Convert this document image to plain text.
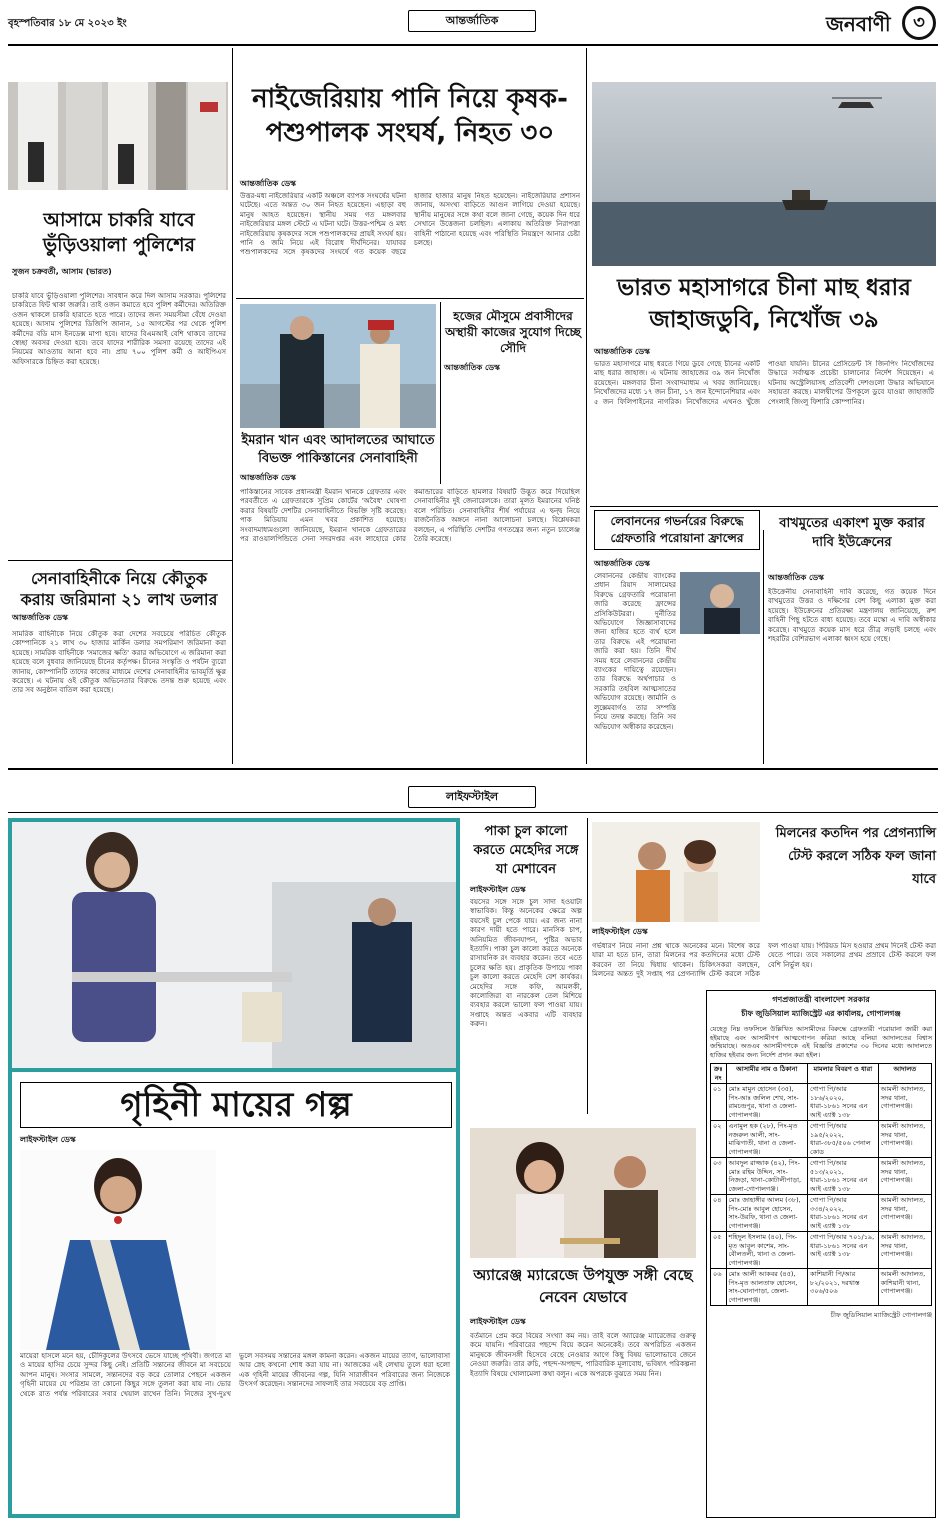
বৃহস্পতিবার ১৮ মে ২০২৩ ইং	আন্তর্জাতিক	জনবাণী	৩
আসামে চাকরি যাবে ভুঁড়িওয়ালা পুলিশের
সুজন চক্রবর্তী, আসাম (ভারত)
চাকরি যাবে ভুঁড়িওয়ালা পুলিশের। সাবধান করে দিল আসাম সরকার। পুলিশের চাকরিতে ফিট থাকা জরুরি। তাই ওজন কমাতে হবে পুলিশ কর্মীদের। অতিরিক্ত ওজন থাকলে চাকরি হারাতে হতে পারে। তাদের জন্য সময়সীমা বেঁধে দেওয়া হয়েছে। আসাম পুলিশের ডিজিপি জানান, ১৫ আগস্টের পর থেকে পুলিশ কর্মীদের বডি মাস ইনডেক্স মাপা হবে। যাদের বিএমআই বেশি থাকবে তাদের স্বেচ্ছা অবসর দেওয়া হবে। তবে যাদের শারীরিক সমস্যা রয়েছে তাদের এই নিয়মের আওতায় আনা হবে না। প্রায় ৭০০ পুলিশ কর্মী ও আইপিএস অফিসারকে চিহ্নিত করা হয়েছে।
সেনাবাহিনীকে নিয়ে কৌতুক করায় জরিমানা ২১ লাখ ডলার
আন্তর্জাতিক ডেস্ক
সামরিক বাহিনীকে নিয়ে কৌতুক করা দেশের সবচেয়ে পরিচিত কৌতুক কোম্পানিকে ২১ লাখ ৩০ হাজার মার্কিন ডলার সমপরিমাণ জরিমানা করা হয়েছে। সামরিক বাহিনীকে 'সমাজের ক্ষতি' করার অভিযোগে এ জরিমানা করা হয়েছে বলে বুধবার জানিয়েছে চীনের কর্তৃপক্ষ। চীনের সংস্কৃতি ও পর্যটন ব্যুরো জানায়, কোম্পানিটি তাদের কাজের মাধ্যমে দেশের সেনাবাহিনীর ভাবমূর্তি ক্ষুণ্ণ করেছে। এ ঘটনায় ওই কৌতুক অভিনেতার বিরুদ্ধে তদন্ত শুরু হয়েছে এবং তার সব অনুষ্ঠান বাতিল করা হয়েছে।
নাইজেরিয়ায় পানি নিয়ে কৃষক-পশুপালক সংঘর্ষ, নিহত ৩০
আন্তর্জাতিক ডেস্ক
উত্তর-মধ্য নাইজেরিয়ার একটি অঞ্চলে ব্যাপক সংঘর্ষের ঘটনা ঘটেছে। এতে অন্তত ৩০ জন নিহত হয়েছেন। এছাড়া বহু মানুষ আহত হয়েছেন। স্থানীয় সময় গত মঙ্গলবার নাইজেরিয়ার মঙ্গল স্টেটে এ ঘটনা ঘটে। উত্তর-পশ্চিম ও মধ্য নাইজেরিয়ায় কৃষকদের সঙ্গে পশুপালকদের প্রায়ই সংঘর্ষ হয়। পানি ও জমি নিয়ে এই বিরোধ দীর্ঘদিনের। যাযাবর পশুপালকদের সঙ্গে কৃষকদের সংঘর্ষে গত কয়েক বছরে হাজার হাজার মানুষ নিহত হয়েছেন। নাইজেরিয়ার প্রশাসন জানায়, অসংখ্য বাড়িতে আগুন লাগিয়ে দেওয়া হয়েছে। স্থানীয় মানুষের সঙ্গে কথা বলে জানা গেছে, কয়েক দিন ধরে সেখানে উত্তেজনা চলছিল। এলাকায় অতিরিক্ত নিরাপত্তা বাহিনী পাঠানো হয়েছে এবং পরিস্থিতি নিয়ন্ত্রণে আনার চেষ্টা চলছে।
ইমরান খান এবং আদালতের আঘাতে বিভক্ত পাকিস্তানের সেনাবাহিনী
আন্তর্জাতিক ডেস্ক
পাকিস্তানের সাবেক প্রধানমন্ত্রী ইমরান খানকে গ্রেফতার এবং পরবর্তীতে এ গ্রেফতারকে সুপ্রিম কোর্টের 'অবৈধ' ঘোষণা করার বিষয়টি দেশটির সেনাবাহিনীতে বিভক্তি সৃষ্টি করেছে। পাক মিডিয়ায় এমন খবর প্রকাশিত হয়েছে। সংবাদমাধ্যমগুলো জানিয়েছে, ইমরান খানকে গ্রেফতারের পর রাওয়ালপিন্ডিতে সেনা সদরদপ্তর এবং লাহোরে কোর কমান্ডারের বাড়িতে হামলার বিষয়টি উদ্ভূত করে দিয়েছিল সেনাবাহিনীর দুই জেনারেলকে। তারা মূলত ইমরানের ঘনিষ্ঠ বলে পরিচিত। সেনাবাহিনীর শীর্ষ পর্যায়ের এ দ্বন্দ্ব নিয়ে রাজনৈতিক অঙ্গনে নানা আলোচনা চলছে। বিশ্লেষকরা বলছেন, এ পরিস্থিতি দেশটির গণতন্ত্রের জন্য নতুন চ্যালেঞ্জ তৈরি করেছে।
হজের মৌসুমে প্রবাসীদের অস্থায়ী কাজের সুযোগ দিচ্ছে সৌদি
আন্তর্জাতিক ডেস্ক
ভারত মহাসাগরে চীনা মাছ ধরার জাহাজডুবি, নিখোঁজ ৩৯
আন্তর্জাতিক ডেস্ক
ভারত মহাসাগরে মাছ ধরতে গিয়ে ডুবে গেছে চীনের একটি মাছ ধরার জাহাজ। এ ঘটনায় জাহাজের ৩৯ জন নিখোঁজ রয়েছেন। মঙ্গলবার চীনা সংবাদমাধ্যম এ খবর জানিয়েছে। নিখোঁজদের মধ্যে ১৭ জন চীনা, ১৭ জন ইন্দোনেশিয়ার এবং ৫ জন ফিলিপাইনের নাগরিক। নিখোঁজদের এখনও খুঁজে পাওয়া যায়নি। চীনের প্রেসিডেন্ট সি জিনপিং নিখোঁজদের উদ্ধারে সর্বাত্মক প্রচেষ্টা চালানোর নির্দেশ দিয়েছেন। এ ঘটনায় অস্ট্রেলিয়াসহ প্রতিবেশী দেশগুলো উদ্ধার অভিযানে সহায়তা করছে। মালদ্বীপের উপকূলে ডুবে যাওয়া জাহাজটি পেংলাই জিংলু ফিশারি কোম্পানির।
লেবাননের গভর্নরের বিরুদ্ধে গ্রেফতারি পরোয়ানা ফ্রান্সের
আন্তর্জাতিক ডেস্ক
লেবাননের কেন্দ্রীয় ব্যাংকের প্রধান রিয়াদ সালামেহর বিরুদ্ধে গ্রেফতারি পরোয়ানা জারি করেছে ফ্রান্সের প্রসিকিউটররা। দুর্নীতির অভিযোগে জিজ্ঞাসাবাদের জন্য হাজির হতে ব্যর্থ হলে তার বিরুদ্ধে এই পরোয়ানা জারি করা হয়। তিনি দীর্ঘ সময় ধরে লেবাননের কেন্দ্রীয় ব্যাংকের দায়িত্বে রয়েছেন। তার বিরুদ্ধে অর্থপাচার ও সরকারি তহবিল আত্মসাতের অভিযোগ রয়েছে। জার্মানি ও লুক্সেমবার্গও তার সম্পত্তি নিয়ে তদন্ত করছে। তিনি সব অভিযোগ অস্বীকার করেছেন।
বাখমুতের একাংশ মুক্ত করার দাবি ইউক্রেনের
আন্তর্জাতিক ডেস্ক
ইউক্রেনীয় সেনাবাহিনী দাবি করেছে, গত কয়েক দিনে বাখমুতের উত্তর ও দক্ষিণের বেশ কিছু এলাকা মুক্ত করা হয়েছে। ইউক্রেনের প্রতিরক্ষা মন্ত্রণালয় জানিয়েছে, রুশ বাহিনী পিছু হটতে বাধ্য হয়েছে। তবে মস্কো এ দাবি অস্বীকার করেছে। বাখমুতে কয়েক মাস ধরে তীব্র লড়াই চলছে এবং শহরটির বেশিরভাগ এলাকা ধ্বংস হয়ে গেছে।
লাইফস্টাইল
গৃহিনী মায়ের গল্প
লাইফস্টাইল ডেস্ক
মায়েরা হাসলে মনে হয়, চৌদিকুলের উৎসবে ভেসে যাচ্ছে পৃথিবী। জগতে মা ও মায়ের হাসির চেয়ে সুন্দর কিছু নেই। প্রতিটি সন্তানের জীবনে মা সবচেয়ে আপন মানুষ। সংসার সামলে, সন্তানদের বড় করে তোলার পেছনে একজন গৃহিনী মায়ের যে পরিশ্রম তা কোনো কিছুর সঙ্গে তুলনা করা যায় না। ভোর থেকে রাত পর্যন্ত পরিবারের সবার খেয়াল রাখেন তিনি। নিজের সুখ-দুঃখ ভুলে সবসময় সন্তানের মঙ্গল কামনা করেন। একজন মায়ের ত্যাগ, ভালোবাসা আর স্নেহ কখনো শোধ করা যায় না। আজকের এই লেখায় তুলে ধরা হলো এক গৃহিনী মায়ের জীবনের গল্প, যিনি সারাজীবন পরিবারের জন্য নিজেকে উৎসর্গ করেছেন। সন্তানদের সাফল্যই তার সবচেয়ে বড় প্রাপ্তি।
পাকা চুল কালো করতে মেহেদির সঙ্গে যা মেশাবেন
লাইফস্টাইল ডেস্ক
বয়সের সঙ্গে সঙ্গে চুল সাদা হওয়াটা স্বাভাবিক। কিন্তু অনেকের ক্ষেত্রে অল্প বয়সেই চুল পেকে যায়। এর জন্য নানা কারণ দায়ী হতে পারে। মানসিক চাপ, অনিয়মিত জীবনযাপন, পুষ্টির অভাব ইত্যাদি। পাকা চুল কালো করতে অনেকে রাসায়নিক রং ব্যবহার করেন। তবে এতে চুলের ক্ষতি হয়। প্রাকৃতিক উপায়ে পাকা চুল কালো করতে মেহেদি বেশ কার্যকর। মেহেদির সঙ্গে কফি, আমলকী, কালোজিরা বা নারকেল তেল মিশিয়ে ব্যবহার করলে ভালো ফল পাওয়া যায়। সপ্তাহে অন্তত একবার এটি ব্যবহার করুন।
মিলনের কতদিন পর প্রেগন্যান্সি টেস্ট করলে সঠিক ফল জানা যাবে
লাইফস্টাইল ডেস্ক
গর্ভধারণ নিয়ে নানা প্রশ্ন থাকে অনেকের মনে। বিশেষ করে যারা মা হতে চান, তারা মিলনের পর কতদিনের মধ্যে টেস্ট করবেন তা নিয়ে দ্বিধায় থাকেন। চিকিৎসকরা বলছেন, মিলনের অন্তত দুই সপ্তাহ পর প্রেগন্যান্সি টেস্ট করলে সঠিক ফল পাওয়া যায়। পিরিয়ড মিস হওয়ার প্রথম দিনেই টেস্ট করা যেতে পারে। তবে সকালের প্রথম প্রস্রাবে টেস্ট করলে ফল বেশি নির্ভুল হয়।
গণপ্রজাতন্ত্রী বাংলাদেশ সরকার
চীফ জুডিসিয়াল ম্যাজিস্ট্রেট এর কার্যালয়, গোপালগঞ্জ
যেহেতু নিম্ন তফসিলে উল্লিখিত আসামীদের বিরুদ্ধে গ্রেফতারী পরোয়ানা জারী করা হইয়াছে এবং আসামীগণ আত্মগোপন করিয়া আছে বলিয়া আদালতের বিশ্বাস জন্মিয়াছে। অতএব আসামীগণকে এই বিজ্ঞপ্তি প্রকাশের ৩০ দিনের মধ্যে আদালতে হাজির হইবার জন্য নির্দেশ প্রদান করা হইল।
ক্রঃ নং	আসামীর নাম ও ঠিকানা	মামলার বিবরণ ও ধারা	আদালত
০১	মোঃ মামুন হোসেন (৩৫), পিং-আঃ জলিল শেখ, সাং-রামচন্দ্রপুর, থানা ও জেলা-গোপালগঞ্জ।	গোপা পি/আর ১৮৬/২০২০, ধারা-১৮৬১ সনের এন আই এ্যাক্ট ১৩৮	আমলী আদালত, সদর থানা, গোপালগঞ্জ।
০২	এনামুল হক (২৮), পিং-মৃত নজরুল আলী, সাং-মাঝিগাতী, থানা ও জেলা-গোপালগঞ্জ।	গোপা পি/আর ১৯৫/২০২২, ধারা-৩৮৫/৫০৬ পেনাল কোড	আমলী আদালত, সদর থানা, গোপালগঞ্জ।
০৩	আবদুল রাজ্জাক (৪২), পিং-মোঃ রহিম উদ্দিন, সাং-নিজড়া, থানা-কোটালীপাড়া, জেলা-গোপালগঞ্জ।	গোপা পি/আর ৫১৩/২০২১, ধারা-১৮৬১ সনের এন আই এ্যাক্ট ১৩৮	আমলী আদালত, সদর থানা, গোপালগঞ্জ।
০৪	মোঃ জাহাঙ্গীর আলম (৩৮), পিং-মোঃ আবুল হোসেন, সাং-উরফি, থানা ও জেলা-গোপালগঞ্জ।	গোপা পি/আর ৩৩৪/২০২২, ধারা-১৮৬১ সনের এন আই এ্যাক্ট ১৩৮	আমলী আদালত, সদর থানা, গোপালগঞ্জ।
০৫	শহিদুল ইসলাম (৪০), পিং-মৃত আবুল কাশেম, সাং-বৌলতলী, থানা ও জেলা-গোপালগঞ্জ।	গোপা পি/আর ৭০১/১৯, ধারা-১৮৬১ সনের এন আই এ্যাক্ট ১৩৮	আমলী আদালত, সদর থানা, গোপালগঞ্জ।
০৬	মোঃ আলী আকবর (৪৫), পিং-মৃত আলতাফ হোসেন, সাং-ঘোনাপাড়া, জেলা-গোপালগঞ্জ।	কাশিয়ানী পি/আর ৮২/২০২১, দরখাস্ত ৩০৬/৫০৬	আমলী আদালত, কাশিয়ানী থানা, গোপালগঞ্জ।
চীফ জুডিসিয়াল ম্যাজিস্ট্রেট গোপালগঞ্জ
অ্যারেঞ্জ ম্যারেজে উপযুক্ত সঙ্গী বেছে নেবেন যেভাবে
লাইফস্টাইল ডেস্ক
বর্তমানে প্রেম করে বিয়ের সংখ্যা কম নয়। তাই বলে অ্যারেঞ্জ ম্যারেজের গুরুত্ব কমে যায়নি। পরিবারের পছন্দে বিয়ে করেন অনেকেই। তবে অপরিচিত একজন মানুষকে জীবনসঙ্গী হিসেবে বেছে নেওয়ার আগে কিছু বিষয় ভালোভাবে জেনে নেওয়া জরুরি। তার রুচি, পছন্দ-অপছন্দ, পারিবারিক মূল্যবোধ, ভবিষ্যৎ পরিকল্পনা ইত্যাদি বিষয়ে খোলামেলা কথা বলুন। একে অপরকে বুঝতে সময় নিন।
